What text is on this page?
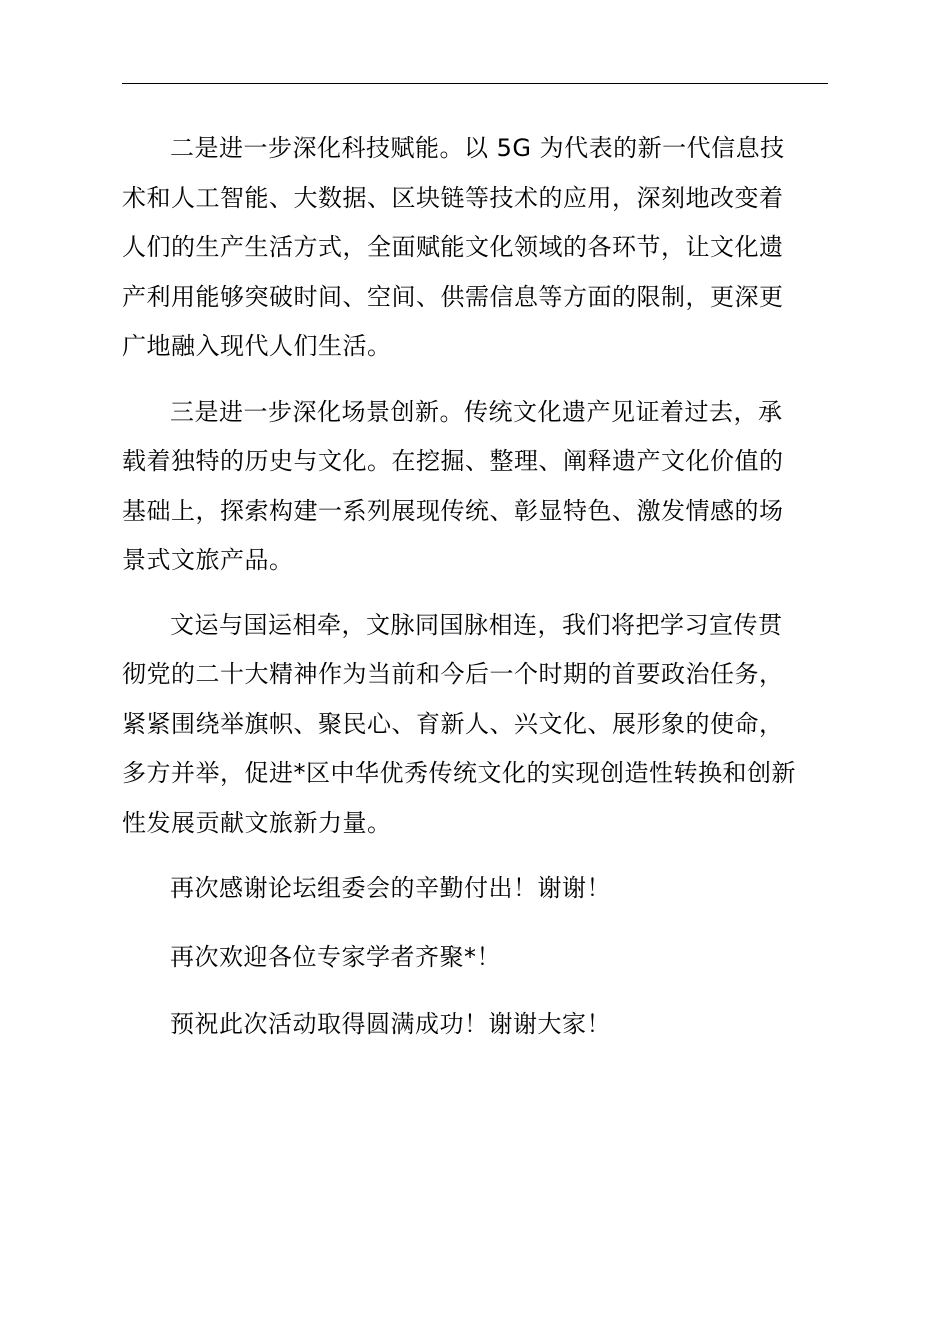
二是进一步深化科技赋能。以 5G 为代表的新一代信息技
术和人工智能、大数据、区块链等技术的应用，深刻地改变着
人们的生产生活方式，全面赋能文化领域的各环节，让文化遗
产利用能够突破时间、空间、供需信息等方面的限制，更深更
广地融入现代人们生活。

三是进一步深化场景创新。传统文化遗产见证着过去，承
载着独特的历史与文化。在挖掘、整理、阐释遗产文化价值的
基础上，探索构建一系列展现传统、彰显特色、激发情感的场
景式文旅产品。

文运与国运相牵，文脉同国脉相连，我们将把学习宣传贯
彻党的二十大精神作为当前和今后一个时期的首要政治任务，
紧紧围绕举旗帜、聚民心、育新人、兴文化、展形象的使命，
多方并举，促进*区中华优秀传统文化的实现创造性转换和创新
性发展贡献文旅新力量。

再次感谢论坛组委会的辛勤付出！谢谢！

再次欢迎各位专家学者齐聚*！

预祝此次活动取得圆满成功！谢谢大家！
